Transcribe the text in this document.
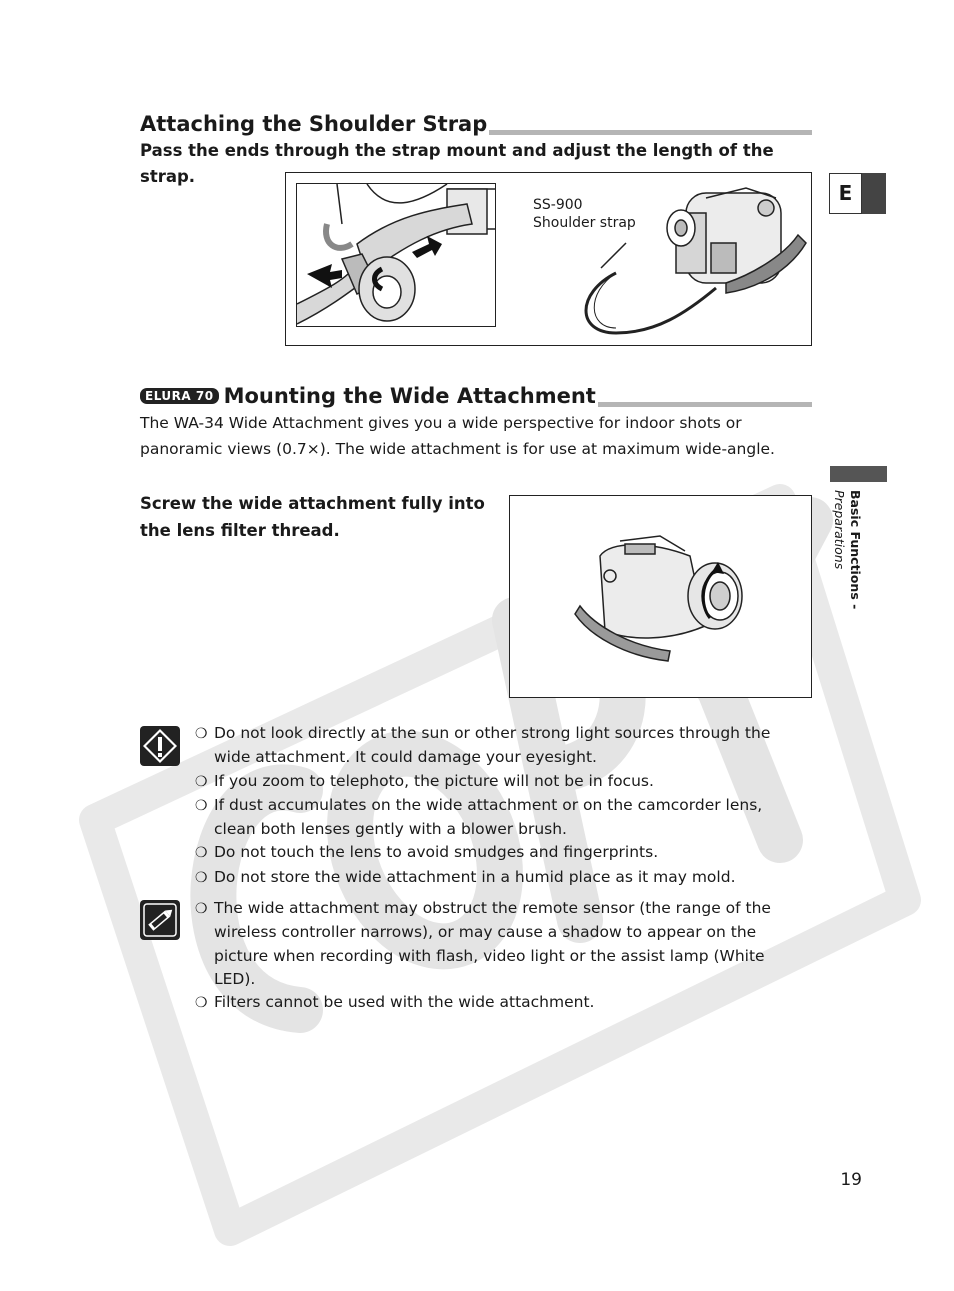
Attaching the Shoulder Strap
Pass the ends through the strap mount and adjust the length of the strap.
SS-900
Shoulder strap
E
ELURA 70 Mounting the Wide Attachment
The WA-34 Wide Attachment gives you a wide perspective for indoor shots or
panoramic views (0.7×). The wide attachment is for use at maximum wide-angle.
Screw the wide attachment fully into
the lens filter thread.	Basic Functions -
Preparations
❍ Do not look directly at the sun or other strong light sources through the wide attachment. It could damage your eyesight.
❍ If you zoom to telephoto, the picture will not be in focus.
❍ If dust accumulates on the wide attachment or on the camcorder lens, clean both lenses gently with a blower brush.
❍ Do not touch the lens to avoid smudges and fingerprints.
❍ Do not store the wide attachment in a humid place as it may mold.
❍ The wide attachment may obstruct the remote sensor (the range of the wireless controller narrows), or may cause a shadow to appear on the picture when recording with flash, video light or the assist lamp (White LED).
❍ Filters cannot be used with the wide attachment.
19
